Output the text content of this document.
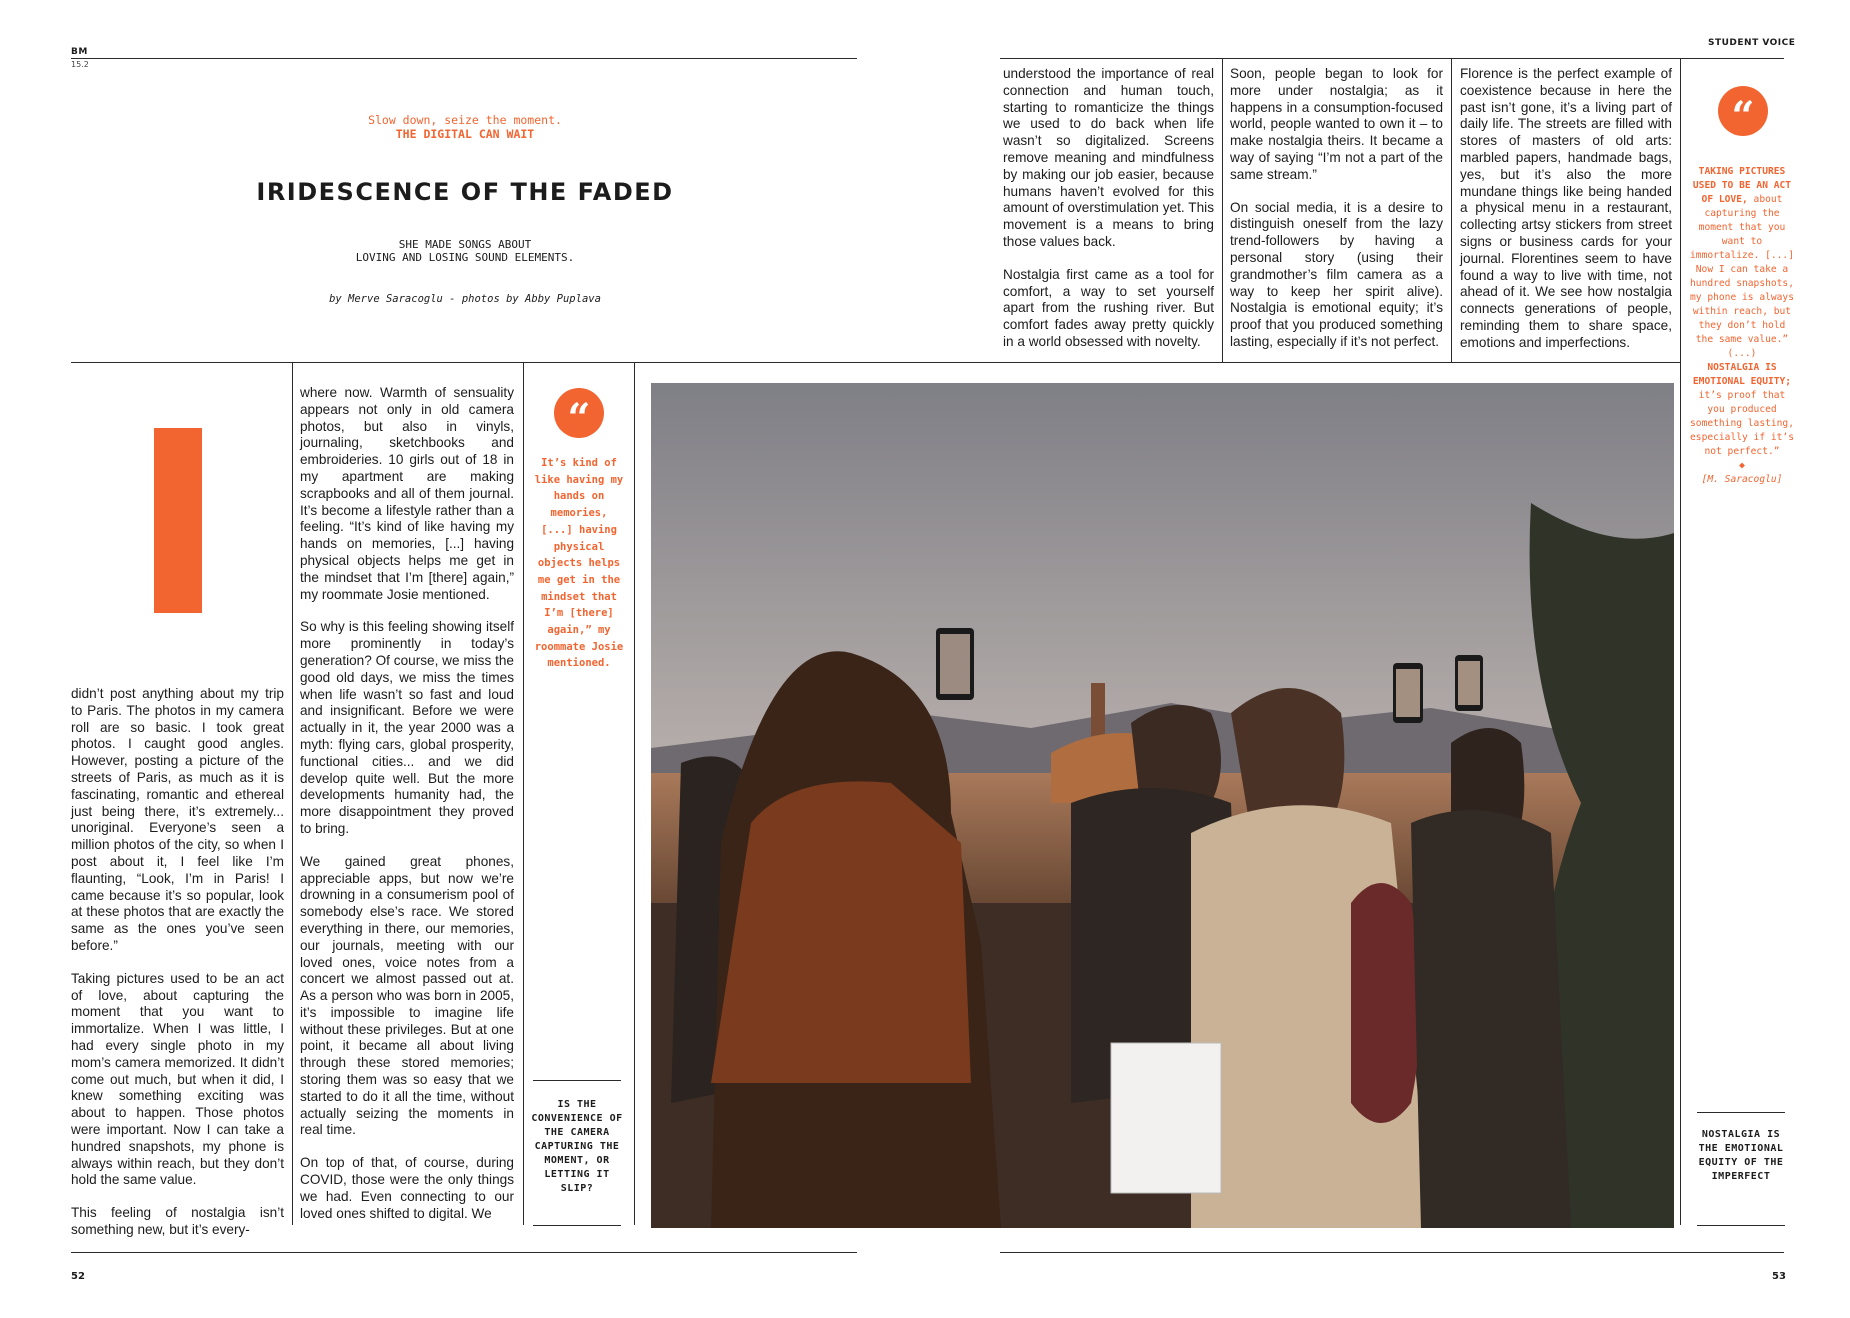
BM
15.2
STUDENT VOICE
Slow down, seize the moment.
THE DIGITAL CAN WAIT
IRIDESCENCE OF THE FADED
SHE MADE SONGS ABOUT
LOVING AND LOSING SOUND ELEMENTS.
by Merve Saracoglu - photos by Abby Puplava

didn’t post anything about my trip to Paris. The photos in my camera roll are so basic. I took great photos. I caught good angles. However, posting a picture of the streets of Paris, as much as it is fascinating, romantic and ethereal just being there, it’s extremely... unoriginal. Everyone’s seen a million photos of the city, so when I post about it, I feel like I’m flaunting, “Look, I’m in Paris! I came because it’s so popular, look at these photos that are exactly the same as the ones you’ve seen before.”

Taking pictures used to be an act of love, about capturing the moment that you want to immortalize. When I was little, I had every single photo in my mom’s camera memorized. It didn’t come out much, but when it did, I knew something exciting was about to happen. Those photos were important. Now I can take a hundred snapshots, my phone is always within reach, but they don’t hold the same value.

This feeling of nostalgia isn’t something new, but it’s every-

where now. Warmth of sensuality appears not only in old camera photos, but also in vinyls, journaling, sketchbooks and embroideries. 10 girls out of 18 in my apartment are making scrapbooks and all of them journal. It’s become a lifestyle rather than a feeling. “It’s kind of like having my hands on memories, [...] having physical objects helps me get in the mindset that I’m [there] again,” my roommate Josie mentioned.

So why is this feeling showing itself more prominently in today’s generation? Of course, we miss the good old days, we miss the times when life wasn’t so fast and loud and insignificant. Before we were actually in it, the year 2000 was a myth: flying cars, global prosperity, functional cities... and we did develop quite well. But the more developments humanity had, the more disappointment they proved to bring.

We gained great phones, appreciable apps, but now we’re drowning in a consumerism pool of somebody else’s race. We stored everything in there, our memories, our journals, meeting with our loved ones, voice notes from a concert we almost passed out at. As a person who was born in 2005, it’s impossible to imagine life without these privileges. But at one point, it became all about living through these stored memories; storing them was so easy that we started to do it all the time, without actually seizing the moments in real time.

On top of that, of course, during COVID, those were the only things we had. Even connecting to our loved ones shifted to digital. We

“
It’s kind of like having my hands on memories, [...] having physical objects helps me get in the mindset that I’m [there] again,” my roommate Josie mentioned.
IS THE CONVENIENCE OF THE CAMERA CAPTURING THE MOMENT, OR LETTING IT SLIP?

understood the importance of real connection and human touch, starting to romanticize the things we used to do back when life wasn’t so digitalized. Screens remove meaning and mindfulness by making our job easier, because humans haven’t evolved for this amount of overstimulation yet. This movement is a means to bring those values back.

Nostalgia first came as a tool for comfort, a way to set yourself apart from the rushing river. But comfort fades away pretty quickly in a world obsessed with novelty.

Soon, people began to look for more under nostalgia; as it happens in a consumption-focused world, people wanted to own it – to make nostalgia theirs. It became a way of saying “I’m not a part of the same stream.”

On social media, it is a desire to distinguish oneself from the lazy trend-followers by having a personal story (using their grandmother’s film camera as a way to keep her spirit alive). Nostalgia is emotional equity; it’s proof that you produced something lasting, especially if it’s not perfect.

Florence is the perfect example of coexistence because in here the past isn’t gone, it’s a living part of daily life. The streets are filled with stores of masters of old arts: marbled papers, handmade bags, yes, but it’s also the more mundane things like being handed a physical menu in a restaurant, collecting artsy stickers from street signs or business cards for your journal. Florentines seem to have found a way to live with time, not ahead of it. We see how nostalgia connects generations of people, reminding them to share space, emotions and imperfections.

“
TAKING PICTURES USED TO BE AN ACT OF LOVE, about capturing the moment that you want to immortalize. [...] Now I can take a hundred snapshots, my phone is always within reach, but they don’t hold the same value.”
(...)
NOSTALGIA IS EMOTIONAL EQUITY; it’s proof that you produced something lasting, especially if it’s not perfect.”
◆
[M. Saracoglu]
NOSTALGIA IS THE EMOTIONAL EQUITY OF THE IMPERFECT
52	53
